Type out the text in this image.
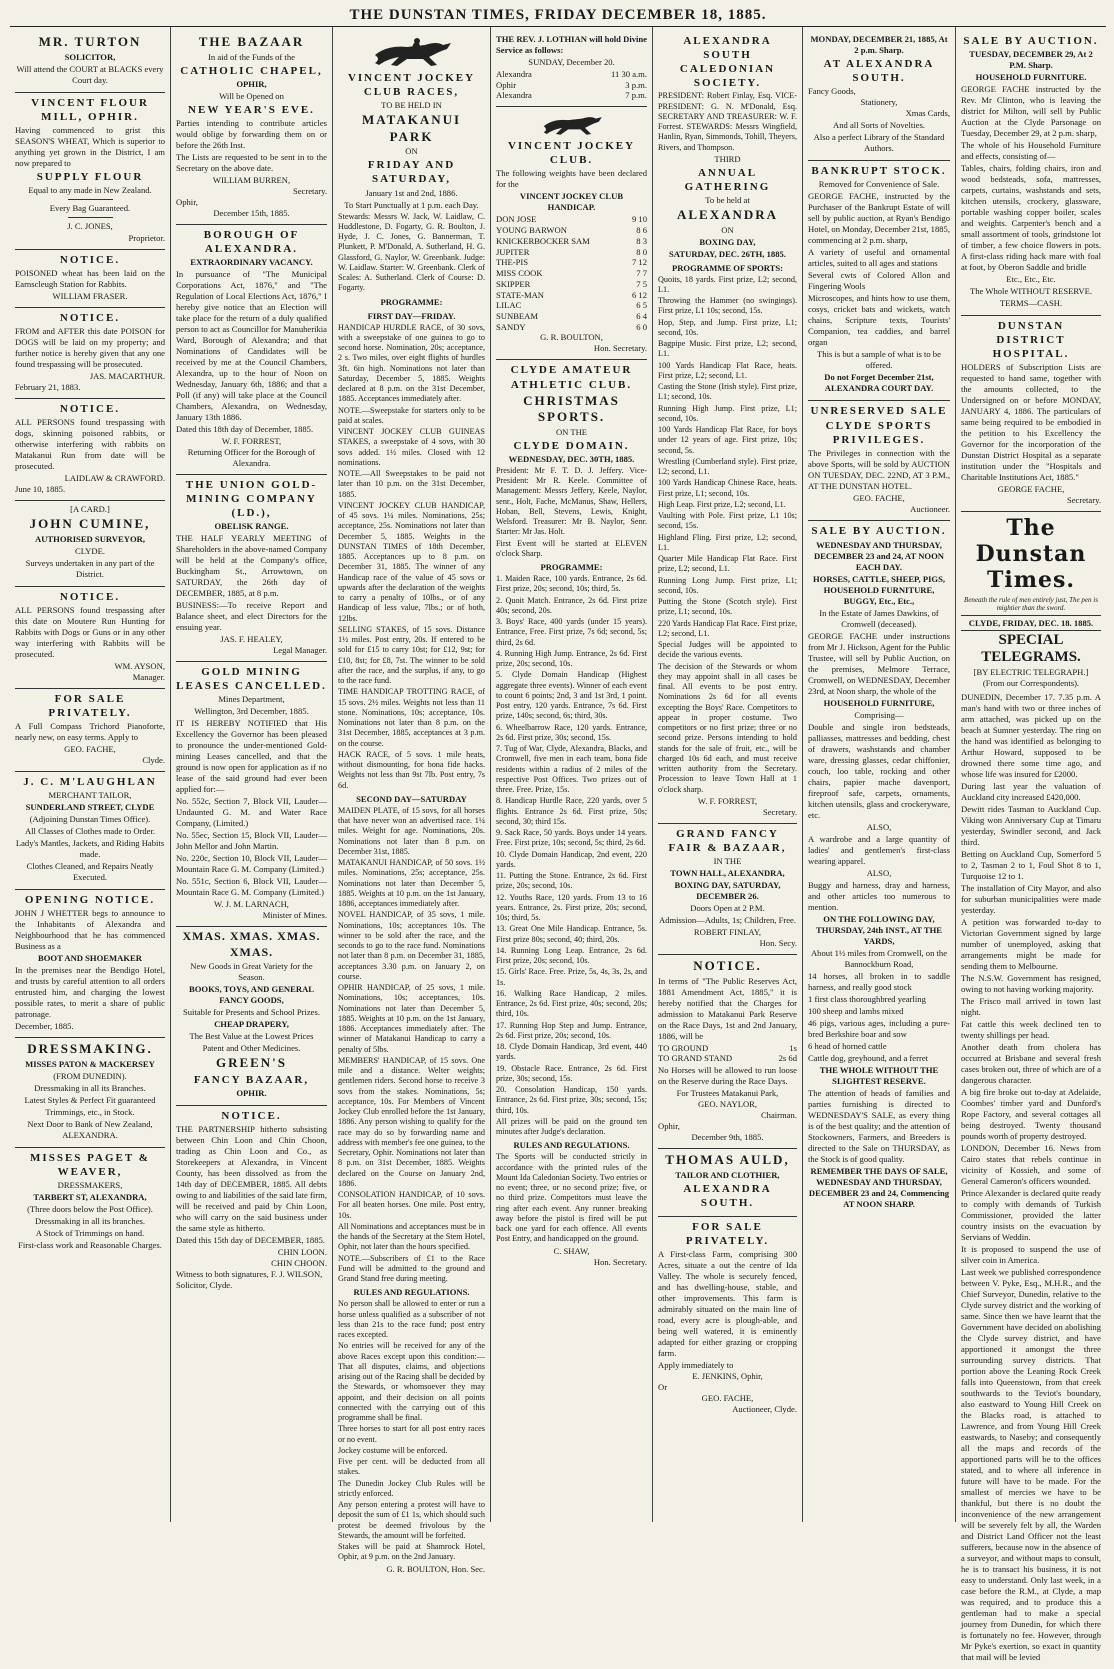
THE DUNSTAN TIMES, FRIDAY DECEMBER 18, 1885.
MR. TURTON
SOLICITOR,
Will attend the COURT at BLACKS every Court day.
VINCENT FLOUR MILL, OPHIR.

Having commenced to grist this SEASON'S WHEAT, Which is superior to anything yet grown in the District, I am now prepared to

SUPPLY FLOUR
Equal to any made in New Zealand.
Every Bag Guaranteed.
J. C. JONES,
Proprietor.
NOTICE.

POISONED wheat has been laid on the Earnscleugh Station for Rabbits.

WILLIAM FRASER.
NOTICE.

FROM and AFTER this date POISON for DOGS will be laid on my property; and further notice is hereby given that any one found trespassing will be prosecuted.

JAS. MACARTHUR.
February 21, 1883.
NOTICE.

ALL PERSONS found trespassing with dogs, skinning poisoned rabbits, or otherwise interfering with rabbits on Matakanui Run from date will be prosecuted.

LAIDLAW & CRAWFORD.
June 10, 1885.
[A CARD.]
JOHN CUMINE,
AUTHORISED SURVEYOR,
CLYDE.
Surveys undertaken in any part of the District.
NOTICE.

ALL PERSONS found trespassing after this date on Moutere Run Hunting for Rabbits with Dogs or Guns or in any other way interfering with Rabbits will be prosecuted.

WM. AYSON,
Manager.
FOR SALE PRIVATELY.

A Full Compass Trichord Pianoforte, nearly new, on easy terms. Apply to

GEO. FACHE,
Clyde.
J. C. M'LAUGHLAN
MERCHANT TAILOR,
SUNDERLAND STREET, CLYDE
(Adjoining Dunstan Times Office).
All Classes of Clothes made to Order.
Lady's Mantles, Jackets, and Riding Habits made.
Clothes Cleaned, and Repairs Neatly Executed.
OPENING NOTICE.

JOHN J WHETTER begs to announce to the Inhabitants of Alexandra and Neighbourhood that he has commenced Business as a

BOOT AND SHOEMAKER

In the premises near the Bendigo Hotel, and trusts by careful attention to all orders entrusted him, and charging the lowest possible rates, to merit a share of public patronage.

December, 1885.
DRESSMAKING.
MISSES PATON & MACKERSEY
(FROM DUNEDIN).
Dressmaking in all its Branches.
Latest Styles & Perfect Fit guaranteed
Trimmings, etc., in Stock.
Next Door to Bank of New Zealand, ALEXANDRA.
MISSES PAGET & WEAVER,
DRESSMAKERS,
TARBERT ST, ALEXANDRA,
(Three doors below the Post Office).
Dressmaking in all its branches.
A Stock of Trimmings on hand.
First-class work and Reasonable Charges.
THE BAZAAR
In aid of the Funds of the
CATHOLIC CHAPEL,
OPHIR,
Will be Opened on
NEW YEAR'S EVE.

Parties intending to contribute articles would oblige by forwarding them on or before the 26th Inst.

The Lists are requested to be sent in to the Secretary on the above date.

WILLIAM BURREN,
Secretary.
Ophir,
December 15th, 1885.
BOROUGH OF ALEXANDRA.
EXTRAORDINARY VACANCY.

In pursuance of "The Municipal Corporations Act, 1876," and "The Regulation of Local Elections Act, 1876," I hereby give notice that an Election will take place for the return of a duly qualified person to act as Councillor for Manuherikia Ward, Borough of Alexandra; and that Nominations of Candidates will be received by me at the Council Chambers, Alexandra, up to the hour of Noon on Wednesday, January 6th, 1886; and that a Poll (if any) will take place at the Council Chambers, Alexandra, on Wednesday, January 13th 1886.

Dated this 18th day of December, 1885.

W. F. FORREST,
Returning Officer for the Borough of Alexandra.
THE UNION GOLD-MINING COMPANY (LD.),
OBELISK RANGE.

THE HALF YEARLY MEETING of Shareholders in the above-named Company will be held at the Company's office, Buckingham St., Arrowtown, on SATURDAY, the 26th day of DECEMBER, 1885, at 8 p.m.

BUSINESS:—To receive Report and Balance sheet, and elect Directors for the ensuing year.

JAS. F. HEALEY,
Legal Manager.
GOLD MINING LEASES CANCELLED.
Mines Department,
Wellington, 3rd December, 1885.

IT IS HEREBY NOTIFIED that His Excellency the Governor has been pleased to pronounce the under-mentioned Gold-mining Leases cancelled, and that the ground is now open for application as if no lease of the said ground had ever been applied for:—

No. 552c, Section 7, Block VII, Lauder—Undaunted G. M. and Water Race Company, (Limited.)

No. 55ec, Section 15, Block VII, Lauder—John Mellor and John Martin.

No. 220c, Section 10, Block VII, Lauder—Mountain Race G. M. Company (Limited.)

No. 551c, Section 6, Block VII, Lauder—Mountain Race G. M. Company (Limited.)

W. J. M. LARNACH,
Minister of Mines.
XMAS. XMAS. XMAS. XMAS.
New Goods in Great Variety for the Season.
BOOKS, TOYS, AND GENERAL FANCY GOODS,
Suitable for Presents and School Prizes.
CHEAP DRAPERY,
The Best Value at the Lowest Prices
Patent and Other Medicines.
GREEN'S
FANCY BAZAAR,
OPHIR.
NOTICE.

THE PARTNERSHIP hitherto subsisting between Chin Loon and Chin Choon, trading as Chin Loon and Co., as Storekeepers at Alexandra, in Vincent County, has been dissolved as from the 14th day of DECEMBER, 1885. All debts owing to and liabilities of the said late firm, will be received and paid by Chin Loon, who will carry on the said business under the same style as hitherto.

Dated this 15th day of DECEMBER, 1885.

CHIN LOON.
CHIN CHOON.
Witness to both signatures, F. J. WILSON, Solicitor, Clyde.
VINCENT JOCKEY CLUB RACES,
TO BE HELD IN
MATAKANUI PARK
ON
FRIDAY AND SATURDAY,
January 1st and 2nd, 1886.
To Start Punctually at 1 p.m. each Day.

Stewards: Messrs W. Jack, W. Laidlaw, C. Huddlestone, D. Fogarty, G. R. Boulton, J. Hyde, J. C. Jones, G. Bannerman, T. Plunkett, P. M'Donald, A. Sutherland, H. G. Glassford, G. Naylor, W. Greenbank. Judge: W. Laidlaw. Starter: W. Greenbank. Clerk of Scales: A. Sutherland. Clerk of Course: D. Fogarty.

PROGRAMME:
FIRST DAY—FRIDAY.

HANDICAP HURDLE RACE, of 30 sovs, with a sweepstake of one guinea to go to second horse. Nomination, 20s; acceptance, 2 s. Two miles, over eight flights of hurdles 3ft. 6in high. Nominations not later than Saturday, December 5, 1885. Weights declared at 8 p.m. on the 31st December, 1885. Acceptances immediately after.

NOTE.—Sweepstake for starters only to be paid at scales.

VINCENT JOCKEY CLUB GUINEAS STAKES, a sweepstake of 4 sovs, with 30 sovs added. 1½ miles. Closed with 12 nominations.

NOTE.—All Sweepstakes to be paid not later than 10 p.m. on the 31st December, 1885.

VINCENT JOCKEY CLUB HANDICAP, of 45 sovs. 1¼ miles. Nominations, 25s; acceptance, 25s. Nominations not later than December 5, 1885. Weights in the DUNSTAN TIMES of 18th December, 1885. Acceptances up to 8 p.m. on December 31, 1885. The winner of any Handicap race of the value of 45 sovs or upwards after the declaration of the weights to carry a penalty of 10lbs., or of any Handicap of less value, 7lbs.; or of both, 12lbs.

SELLING STAKES, of 15 sovs. Distance 1½ miles. Post entry, 20s. If entered to be sold for £15 to carry 10st; for £12, 9st; for £10, 8st; for £8, 7st. The winner to be sold after the race, and the surplus, if any, to go to the race fund.

TIME HANDICAP TROTTING RACE, of 15 sovs. 2½ miles. Weights not less than 11 stone. Nominations, 10s; acceptance, 10s. Nominations not later than 8 p.m. on the 31st December, 1885, acceptances at 3 p.m. on the course.

HACK RACE, of 5 sovs. 1 mile heats, without dismounting, for bona fide hacks. Weights not less than 9st 7lb. Post entry, 7s 6d.

SECOND DAY—SATURDAY

MAIDEN PLATE, of 15 sovs, for all horses that have never won an advertised race. 1¼ miles. Weight for age. Nominations, 20s. Nominations not later than 8 p.m. on December 31st, 1885.

MATAKANUI HANDICAP, of 50 sovs. 1½ miles. Nominations, 25s; acceptance, 25s. Nominations not later than December 5, 1885. Weights at 10 p.m. on the 1st January, 1886, acceptances immediately after.

NOVEL HANDICAP, of 35 sovs, 1 mile. Nominations, 10s; acceptances 10s. The winner to be sold after the race, and the seconds to go to the race fund. Nominations not later than 8 p.m. on December 31, 1885, acceptances 3.30 p.m. on January 2, on course.

OPHIR HANDICAP, of 25 sovs, 1 mile. Nominations, 10s; acceptances, 10s. Nominations not later than December 5, 1885. Weights at 10 p.m. on the 1st January, 1886. Acceptances immediately after. The winner of Matakanui Handicap to carry a penalty of 5lbs.

MEMBERS' HANDICAP, of 15 sovs. One mile and a distance. Welter weights; gentlemen riders. Second horse to receive 3 sovs from the stakes. Nominations, 5s; acceptance, 10s. For Members of Vincent Jockey Club enrolled before the 1st January, 1886. Any person wishing to qualify for the race may do so by forwarding name and address with member's fee one guinea, to the Secretary, Ophir. Nominations not later than 8 p.m. on 31st December, 1885. Weights declared on the Course on January 2nd, 1886.

CONSOLATION HANDICAP, of 10 sovs. For all beaten horses. One mile. Post entry, 10s.

All Nominations and acceptances must be in the hands of the Secretary at the Stem Hotel, Ophir, not later than the hours specified.

NOTE.—Subscribers of £1 to the Race Fund will be admitted to the ground and Grand Stand free during meeting.

RULES AND REGULATIONS.

No person shall be allowed to enter or run a horse unless qualified as a subscriber of not less than 21s to the race fund; post entry races excepted.

No entries will be received for any of the above Races except upon this condition:—That all disputes, claims, and objections arising out of the Racing shall be decided by the Stewards, or whomsoever they may appoint, and their decision on all points connected with the carrying out of this programme shall be final.

Three horses to start for all post entry races or no event.

Jockey costume will be enforced.

Five per cent. will be deducted from all stakes.

The Dunedin Jockey Club Rules will be strictly enforced.

Any person entering a protest will have to deposit the sum of £1 1s, which should such protest be deemed frivolous by the Stewards, the amount will be forfeited.

Stakes will be paid at Shamrock Hotel, Ophir, at 9 p.m. on the 2nd January.

G. R. BOULTON, Hon. Sec.

THE REV. J. LOTHIAN will hold Divine Service as follows:

SUNDAY, December 20.
Alexandra	11 30 a.m.
Ophir	3 p.m.
Alexandra	7 p.m.
VINCENT JOCKEY CLUB.

The following weights have been declared for the

VINCENT JOCKEY CLUB HANDICAP.
DON JOSE	9 10
YOUNG BARWON	8 6
KNICKERBOCKER SAM	8 3
JUPITER	8 0
THE-PIS	7 12
MISS COOK	7 7
SKIPPER	7 5
STATE-MAN	6 12
LILAC	6 5
SUNBEAM	6 4
SANDY	6 0
G. R. BOULTON,
Hon. Secretary.
CLYDE AMATEUR ATHLETIC CLUB.
CHRISTMAS SPORTS.
ON THE
CLYDE DOMAIN.
WEDNESDAY, DEC. 30TH, 1885.

President: Mr F. T. D. J. Jeffery. Vice-President: Mr R. Keele. Committee of Management: Messrs Jeffery, Keele, Naylor, senr., Holt, Fache, McManus, Shaw, Hellers, Hoban, Bell, Stevens, Lewis, Knight, Welsford. Treasurer: Mr B. Naylor, Senr. Starter: Mr Jas. Holt.

First Event will be started at ELEVEN o'clock Sharp.

PROGRAMME:

1. Maiden Race, 100 yards. Entrance, 2s 6d. First prize, 20s; second, 10s; third, 5s.

2. Quoit Match. Entrance, 2s 6d. First prize 40s; second, 20s.

3. Boys' Race, 400 yards (under 15 years). Entrance, Free. First prize, 7s 6d; second, 5s; third, 2s 6d.

4. Running High Jump. Entrance, 2s 6d. First prize, 20s; second, 10s.

5. Clyde Domain Handicap (Highest aggregate three events). Winner of each event to count 6 points; 2nd, 3 and 1st 3rd, 1 point. Post entry, 120 yards. Entrance, 7s 6d. First prize, 140s; second, 6s; third, 30s.

6. Wheelbarrow Race, 120 yards. Entrance, 2s 6d. First prize, 30s; second, 15s.

7. Tug of War, Clyde, Alexandra, Blacks, and Cromwell, five men in each team, bona fide residents within a radius of 2 miles of the respective Post Offices. Two prizes out of three. Free. Prize, 15s.

8. Handicap Hurdle Race, 220 yards, over 5 flights. Entrance 2s 6d. First prize, 50s; second, 30; third 15s.

9. Sack Race, 50 yards. Boys under 14 years. Free. First prize, 10s; second, 5s; third, 2s 6d.

10. Clyde Domain Handicap, 2nd event, 220 yards.

11. Putting the Stone. Entrance, 2s 6d. First prize, 20s; second, 10s.

12. Youths Race, 120 yards. From 13 to 16 years. Entrance, 2s. First prize, 20s; second, 10s; third, 5s.

13. Great One Mile Handicap. Entrance, 5s. First prize 80s; second, 40; third, 20s.

14. Running Long Leap. Entrance, 2s 6d. First prize, 20s; second, 10s.

15. Girls' Race. Free. Prize, 5s, 4s, 3s, 2s, and 1s.

16. Walking Race Handicap, 2 miles. Entrance, 2s 6d. First prize, 40s; second, 20s; third, 10s.

17. Running Hop Step and Jump. Entrance, 2s 6d. First prize, 20s; second, 10s.

18. Clyde Domain Handicap, 3rd event, 440 yards.

19. Obstacle Race. Entrance, 2s 6d. First prize, 30s; second, 15s.

20. Consolation Handicap, 150 yards. Entrance, 2s 6d. First prize, 30s; second, 15s; third, 10s.

All prizes will be paid on the ground ten minutes after Judge's declaration.

RULES AND REGULATIONS.

The Sports will be conducted strictly in accordance with the printed rules of the Mount Ida Caledonian Society. Two entries or no event; three, or no second prize; five, or no third prize. Competitors must leave the ring after each event. Any runner breaking away before the pistol is fired will be put back one yard for each offence. All events Post Entry, and handicapped on the ground.

C. SHAW,
Hon. Secretary.
ALEXANDRA SOUTH CALEDONIAN SOCIETY.

PRESIDENT: Robert Finlay, Esq. VICE-PRESIDENT: G. N. M'Donald, Esq. SECRETARY AND TREASURER: W. F. Forrest. STEWARDS: Messrs Wingfield, Hanlin, Ryan, Simmonds, Tohill, Theyers, Rivers, and Thompson.

THIRD
ANNUAL GATHERING
To be held at
ALEXANDRA
ON
BOXING DAY,
SATURDAY, DEC. 26TH, 1885.
PROGRAMME OF SPORTS:

Quoits, 18 yards. First prize, L2; second, L1.

Throwing the Hammer (no swingings). First prize, L1 10s; second, 15s.

Hop, Step, and Jump. First prize, L1; second, 10s.

Bagpipe Music. First prize, L2; second, L1.

100 Yards Handicap Flat Race, heats. First prize, L2; second, L1.

Casting the Stone (Irish style). First prize, L1; second, 10s.

Running High Jump. First prize, L1; second, 10s.

100 Yards Handicap Flat Race, for boys under 12 years of age. First prize, 10s; second, 5s.

Wrestling (Cumberland style). First prize, L2; second, L1.

100 Yards Handicap Chinese Race, heats. First prize, L1; second, 10s.

High Leap. First prize, L2; second, L1.

Vaulting with Pole. First prize, L1 10s; second, 15s.

Highland Fling. First prize, L2; second, L1.

Quarter Mile Handicap Flat Race. First prize, L2; second, L1.

Running Long Jump. First prize, L1; second, 10s.

Putting the Stone (Scotch style). First prize, L1; second, 10s.

220 Yards Handicap Flat Race. First prize, L2; second, L1.

Special Judges will be appointed to decide the various events.

The decision of the Stewards or whom they may appoint shall in all cases be final. All events to be post entry. Nominations 2s 6d for all events excepting the Boys' Race. Competitors to appear in proper costume. Two competitors or no first prize; three or no second prize. Persons intending to hold stands for the sale of fruit, etc., will be charged 10s 6d each, and must receive written authority from the Secretary. Procession to leave Town Hall at 1 o'clock sharp.

W. F. FORREST,
Secretary.
GRAND FANCY FAIR & BAZAAR,
IN THE
TOWN HALL, ALEXANDRA,
BOXING DAY, SATURDAY, DECEMBER 26.
Doors Open at 2 P.M.
Admission—Adults, 1s; Children, Free.
ROBERT FINLAY,
Hon. Secy.
NOTICE.

In terms of "The Public Reserves Act, 1881 Amendment Act, 1885," it is hereby notified that the Charges for admission to Matakanui Park Reserve on the Race Days, 1st and 2nd January, 1886, will be

TO GROUND	1s
TO GRAND STAND	2s 6d

No Horses will be allowed to run loose on the Reserve during the Race Days.

For Trustees Matakanui Park,
GEO. NAYLOR,
Chairman.
Ophir,
December 9th, 1885.
THOMAS AULD,
TAILOR AND CLOTHIER,
ALEXANDRA SOUTH.
FOR SALE PRIVATELY.

A First-class Farm, comprising 300 Acres, situate a out the centre of Ida Valley. The whole is securely fenced, and has dwelling-house, stable, and other improvements. This farm is admirably situated on the main line of road, every acre is plough-able, and being well watered, it is eminently adapted for either grazing or cropping farm.

Apply immediately to
E. JENKINS, Ophir,
Or
GEO. FACHE,
Auctioneer, Clyde.
MONDAY, DECEMBER 21, 1885, At 2 p.m. Sharp.
AT ALEXANDRA SOUTH.
Fancy Goods,
Stationery,
Xmas Cards,
And all Sorts of Novelties.
Also a perfect Library of the Standard Authors.
BANKRUPT STOCK.
Removed for Convenience of Sale.

GEORGE FACHE, instructed by the Purchaser of the Bankrupt Estate of will sell by public auction, at Ryan's Bendigo Hotel, on Monday, December 21st, 1885, commencing at 2 p.m. sharp,

A variety of useful and ornamental articles, suited to all ages and stations

Several cwts of Colored Allon and Fingering Wools

Microscopes, and hints how to use them, cosys, cricket bats and wickets, watch chains, Scripture texts, Tourists' Companion, tea caddies, and barrel organ

This is but a sample of what is to be offered.
Do not Forget December 21st, ALEXANDRA COURT DAY.
UNRESERVED SALE
CLYDE SPORTS PRIVILEGES.

The Privileges in connection with the above Sports, will be sold by AUCTION ON TUESDAY, DEC. 22ND, AT 3 P.M., AT THE DUNSTAN HOTEL.

GEO. FACHE,
Auctioneer.
SALE BY AUCTION.
WEDNESDAY AND THURSDAY, DECEMBER 23 and 24, AT NOON EACH DAY.
HORSES, CATTLE, SHEEP, PIGS, HOUSEHOLD FURNITURE, BUGGY, Etc., Etc.,
In the Estate of James Dawkins, of Cromwell (deceased).

GEORGE FACHE under instructions from Mr J. Hickson, Agent for the Public Trustee, will sell by Public Auction, on the premises, Melmore Terrace, Cromwell, on WEDNESDAY, December 23rd, at Noon sharp, the whole of the

HOUSEHOLD FURNITURE,
Comprising—

Double and single iron bedsteads, palliasses, mattresses and bedding, chest of drawers, washstands and chamber ware, dressing glasses, cedar chiffonier, couch, loo table, rocking and other chairs, papier mache davenport, fireproof safe, carpets, ornaments, kitchen utensils, glass and crockeryware, etc.

ALSO,

A wardrobe and a large quantity of ladies' and gentlemen's first-class wearing apparel.

ALSO,

Buggy and harness, dray and harness, and other articles too numerous to mention.

ON THE FOLLOWING DAY, THURSDAY, 24th INST., AT THE YARDS,
About 1½ miles from Cromwell, on the Bannockburn Road,

14 horses, all broken in to saddle harness, and really good stock

1 first class thoroughbred yearling

100 sheep and lambs mixed

46 pigs, various ages, including a pure-bred Berkshire boar and sow

6 head of horned cattle

Cattle dog, greyhound, and a ferret

THE WHOLE WITHOUT THE SLIGHTEST RESERVE.

The attention of heads of families and parties furnishing is directed to WEDNESDAY'S SALE, as every thing is of the best quality; and the attention of Stockowners, Farmers, and Breeders is directed to the Sale on THURSDAY, as the Stock is of good quality.

REMEMBER THE DAYS OF SALE, WEDNESDAY AND THURSDAY, DECEMBER 23 and 24, Commencing AT NOON SHARP.
SALE BY AUCTION.
TUESDAY, DECEMBER 29, At 2 P.M. Sharp.
HOUSEHOLD FURNITURE.

GEORGE FACHE instructed by the Rev. Mr Clinton, who is leaving the district for Milton, will sell by Public Auction at the Clyde Parsonage on Tuesday, December 29, at 2 p.m. sharp,

The whole of his Household Furniture and effects, consisting of—

Tables, chairs, folding chairs, iron and wood bedsteads, sofa, mattresses, carpets, curtains, washstands and sets, kitchen utensils, crockery, glassware, portable washing copper boiler, scales and weights. Carpenter's bench and a small assortment of tools, grindstone lot of timber, a few choice flowers in pots. A first-class riding hack mare with foal at foot, by Oberon Saddle and bridle

Etc., Etc., Etc.
The Whole WITHOUT RESERVE.
TERMS—CASH.
DUNSTAN DISTRICT HOSPITAL.

HOLDERS of Subscription Lists are requested to hand same, together with the amounts collected, to the Undersigned on or before MONDAY, JANUARY 4, 1886. The particulars of same being required to be embodied in the petition to his Excellency the Governor for the incorporation of the Dunstan District Hospital as a separate institution under the "Hospitals and Charitable Institutions Act, 1885."

GEORGE FACHE,
Secretary.
The Dunstan Times.
Beneath the rule of men entirely just, The pen is mightier than the sword.
CLYDE, FRIDAY, DEC. 18. 1885.
SPECIAL TELEGRAMS.
[BY ELECTRIC TELEGRAPH.]
(From our Correspondents).

DUNEDIN, December 17. 7.35 p.m. A man's hand with two or three inches of arm attached, was picked up on the beach at Sumner yesterday. The ring on the hand was identified as belonging to Arthur Howard, supposed to be drowned there some time ago, and whose life was insured for £2000.

During last year the valuation of Auckland city increased £420,000.

Dewitt rides Tasman to Auckland Cup. Viking won Anniversary Cup at Timaru yesterday, Swindler second, and Jack third.

Betting on Auckland Cup, Somerford 5 to 2, Tasman 2 to 1, Foul Shot 8 to 1, Turquoise 12 to 1.

The installation of City Mayor, and also for suburban municipalities were made yesterday.

A petition was forwarded to-day to Victorian Government signed by large number of unemployed, asking that arrangements might be made for sending them to Melbourne.

The N.S.W. Government has resigned, owing to not having working majority.

The Frisco mail arrived in town last night.

Fat cattle this week declined ten to twenty shillings per head.

Another death from cholera has occurred at Brisbane and several fresh cases broken out, three of which are of a dangerous character.

A big fire broke out to-day at Adelaide, Coombes' timber yard and Dunford's Rope Factory, and several cottages all being destroyed. Twenty thousand pounds worth of property destroyed.

LONDON, December 16. News from Cairo states that rebels continue in vicinity of Kossieh, and some of General Cameron's officers wounded.

Prince Alexander is declared quite ready to comply with demands of Turkish Commissioner, provided the latter country insists on the evacuation by Servians of Weddin.

It is proposed to suspend the use of silver coin in America.

Last week we published correspondence between V. Pyke, Esq., M.H.R., and the Chief Surveyor, Dunedin, relative to the Clyde survey district and the working of same. Since then we have learnt that the Government have decided on abolishing the Clyde survey district, and have apportioned it amongst the three surrounding survey districts. That portion above the Leaning Rock Creek falls into Queenstown, from that creek southwards to the Teviot's boundary, also eastward to Young Hill Creek on the Blacks road, is attached to Lawrence, and from Young Hill Creek eastwards, to Naseby; and consequently all the maps and records of the apportioned parts will be to the offices stated, and to where all inference in future will have to be made. For the smallest of mercies we have to be thankful, but there is no doubt the inconvenience of the new arrangement will be severely felt by all, the Warden and District Land Officer not the least sufferers, because now in the absence of a surveyor, and without maps to consult, he is to transact his business, it is not easy to understand. Only last week, in a case before the R.M., at Clyde, a map was required, and to produce this a gentleman had to make a special journey from Dunedin, for which there is fortunately no fee. However, through Mr Pyke's exertion, so exact in quantity that mail will be levied
